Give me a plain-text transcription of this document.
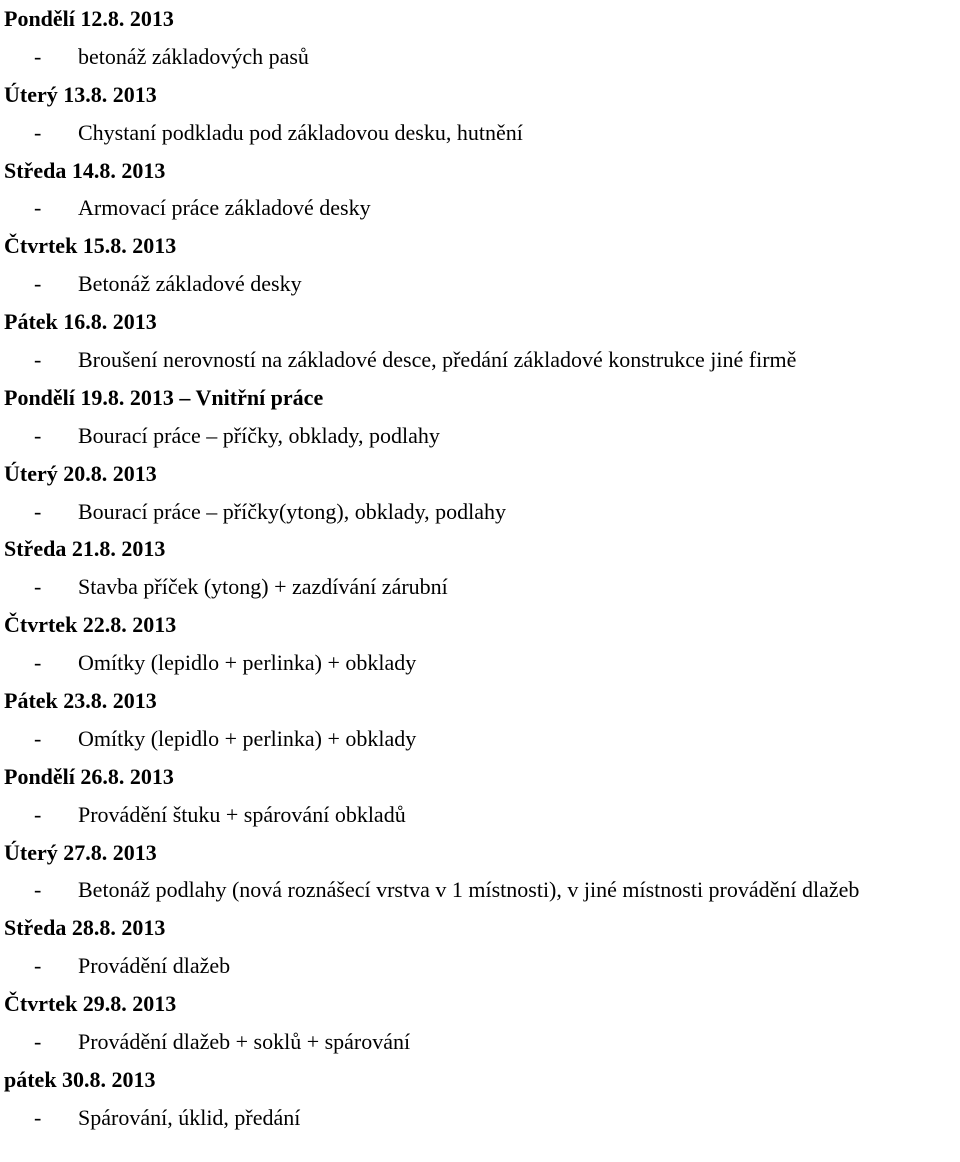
Pondělí 12.8. 2013
-	betonáž základových pasů
Úterý 13.8. 2013
-	Chystaní podkladu pod základovou desku, hutnění
Středa 14.8. 2013
-	Armovací práce základové desky
Čtvrtek 15.8. 2013
-	Betonáž základové desky
Pátek 16.8. 2013
-	Broušení nerovností na základové desce, předání základové konstrukce jiné firmě
Pondělí 19.8. 2013 – Vnitřní práce
-	Bourací práce – příčky, obklady, podlahy
Úterý 20.8. 2013
-	Bourací práce – příčky(ytong), obklady, podlahy
Středa 21.8. 2013
-	Stavba příček (ytong) + zazdívání zárubní
Čtvrtek 22.8. 2013
-	Omítky (lepidlo + perlinka) + obklady
Pátek 23.8. 2013
-	Omítky (lepidlo + perlinka) + obklady
Pondělí 26.8. 2013
-	Provádění štuku + spárování obkladů
Úterý 27.8. 2013
-	Betonáž podlahy (nová roznášecí vrstva v 1 místnosti), v jiné místnosti provádění dlažeb
Středa 28.8. 2013
-	Provádění dlažeb
Čtvrtek 29.8. 2013
-	Provádění dlažeb + soklů + spárování
pátek 30.8. 2013
-	Spárování, úklid, předání
